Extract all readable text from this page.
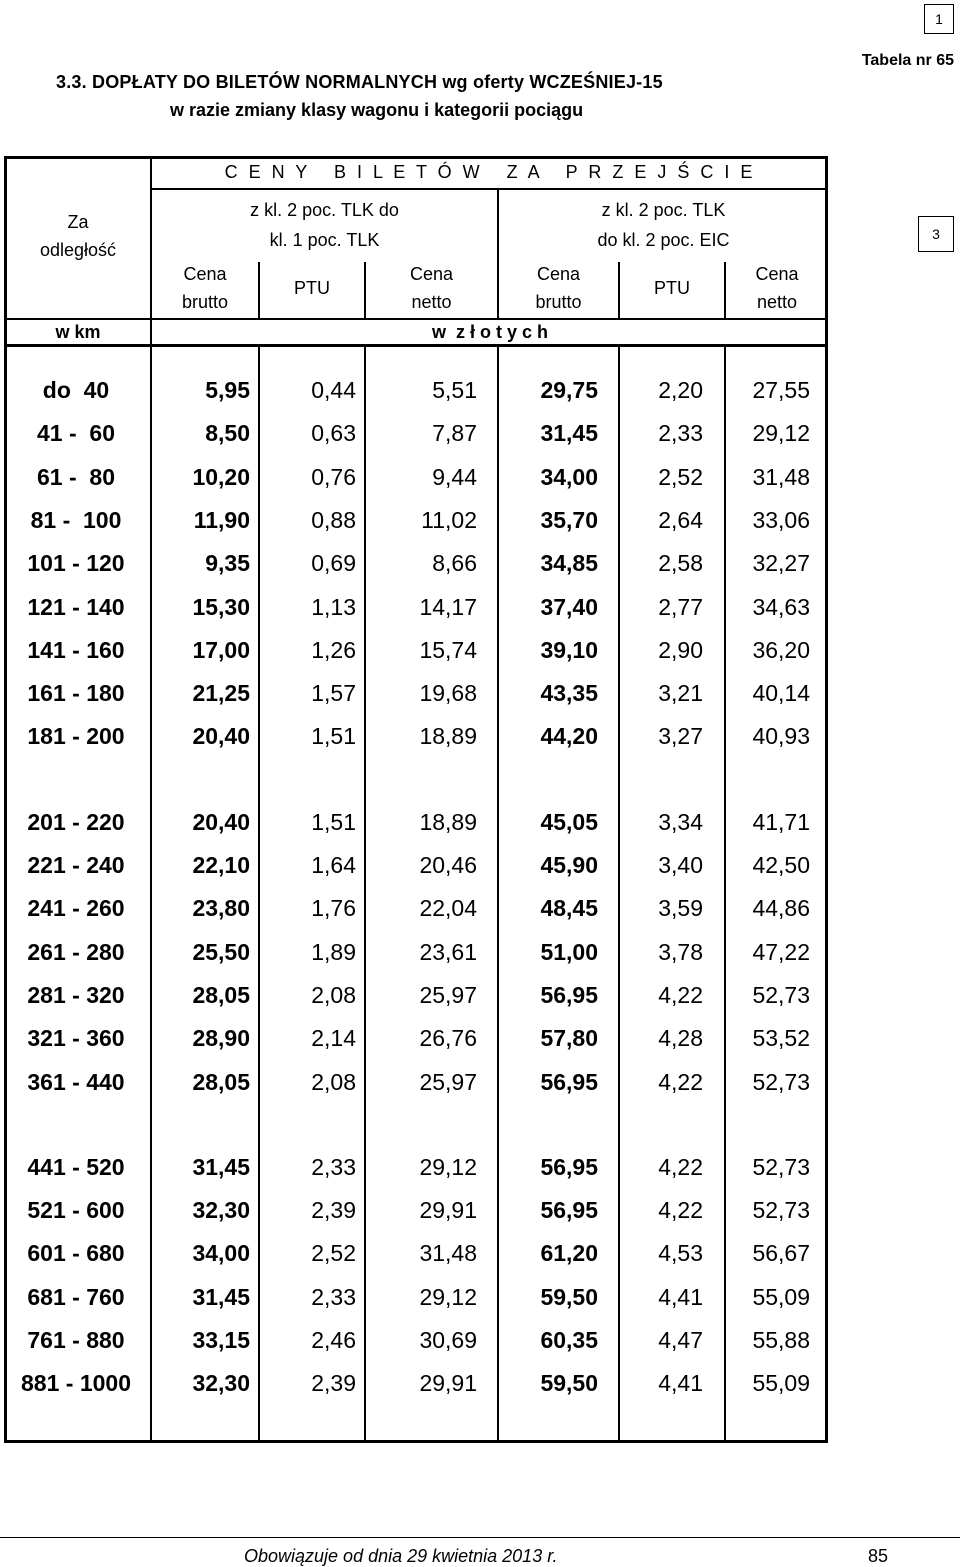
1
Tabela nr 65
3.3. DOPŁATY DO BILETÓW NORMALNYCH wg oferty WCZEŚNIEJ-15
w razie zmiany klasy wagonu i kategorii pociągu
3
Za
odległość
w km
C E N Y   B I L E T Ó W   Z A   P R Z E J Ś C I E
z kl. 2 poc. TLK do
kl. 1 poc. TLK
z kl. 2 poc. TLK
do kl. 2 poc. EIC
Cena
brutto
PTU
Cena
netto
Cena
brutto
PTU
Cena
netto
w  z ł o t y c h
do  40	5,95	0,44	5,51	29,75	2,20	27,55
41 -  60	8,50	0,63	7,87	31,45	2,33	29,12
61 -  80	10,20	0,76	9,44	34,00	2,52	31,48
81 -  100	11,90	0,88	11,02	35,70	2,64	33,06
101 - 120	9,35	0,69	8,66	34,85	2,58	32,27
121 - 140	15,30	1,13	14,17	37,40	2,77	34,63
141 - 160	17,00	1,26	15,74	39,10	2,90	36,20
161 - 180	21,25	1,57	19,68	43,35	3,21	40,14
181 - 200	20,40	1,51	18,89	44,20	3,27	40,93
201 - 220	20,40	1,51	18,89	45,05	3,34	41,71
221 - 240	22,10	1,64	20,46	45,90	3,40	42,50
241 - 260	23,80	1,76	22,04	48,45	3,59	44,86
261 - 280	25,50	1,89	23,61	51,00	3,78	47,22
281 - 320	28,05	2,08	25,97	56,95	4,22	52,73
321 - 360	28,90	2,14	26,76	57,80	4,28	53,52
361 - 440	28,05	2,08	25,97	56,95	4,22	52,73
441 - 520	31,45	2,33	29,12	56,95	4,22	52,73
521 - 600	32,30	2,39	29,91	56,95	4,22	52,73
601 - 680	34,00	2,52	31,48	61,20	4,53	56,67
681 - 760	31,45	2,33	29,12	59,50	4,41	55,09
761 - 880	33,15	2,46	30,69	60,35	4,47	55,88
881 - 1000	32,30	2,39	29,91	59,50	4,41	55,09
Obowiązuje od dnia 29 kwietnia 2013 r.	85
